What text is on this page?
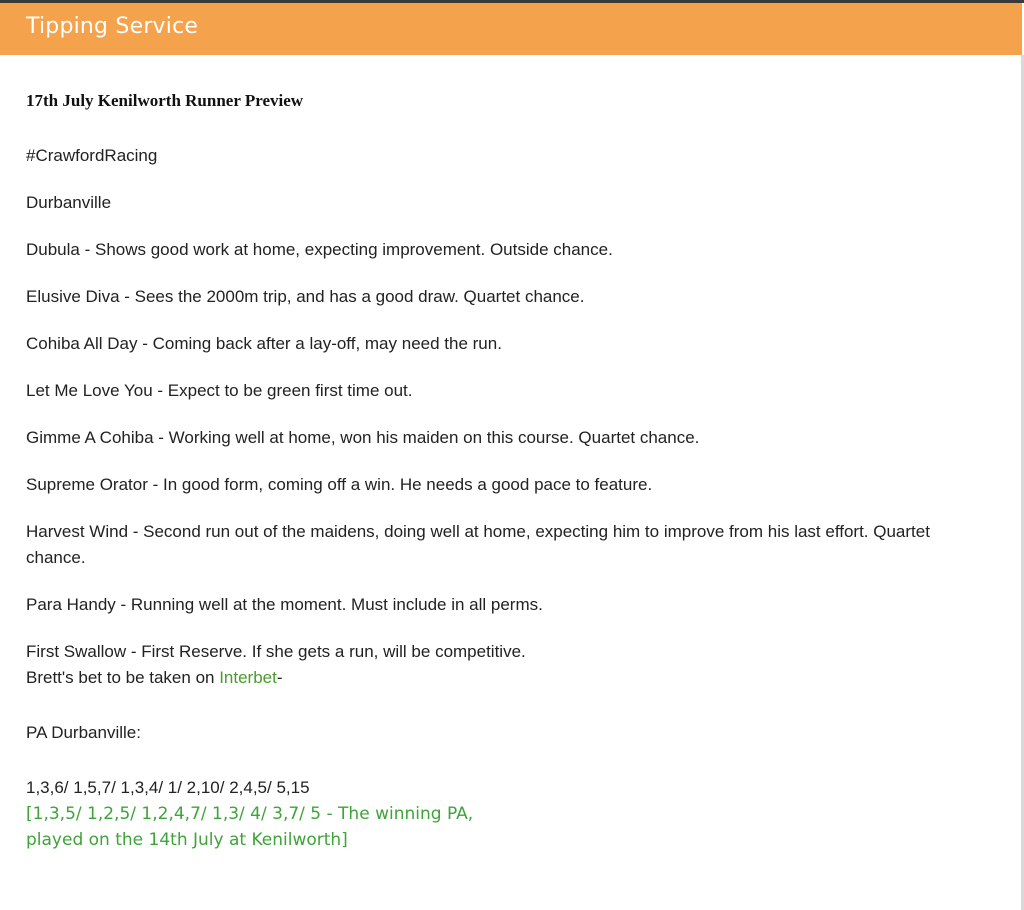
Tipping Service
17th July Kenilworth Runner Preview

#CrawfordRacing

Durbanville

Dubula - Shows good work at home, expecting improvement. Outside chance.

Elusive Diva - Sees the 2000m trip, and has a good draw. Quartet chance.

Cohiba All Day - Coming back after a lay-off, may need the run.

Let Me Love You - Expect to be green first time out.

Gimme A Cohiba - Working well at home, won his maiden on this course. Quartet chance.

Supreme Orator - In good form, coming off a win. He needs a good pace to feature.

Harvest Wind - Second run out of the maidens, doing well at home, expecting him to improve from his last effort. Quartet chance.

Para Handy - Running well at the moment. Must include in all perms.

First Swallow - First Reserve. If she gets a run, will be competitive.

Brett's bet to be taken on Interbet-

PA Durbanville:

1,3,6/ 1,5,7/ 1,3,4/ 1/ 2,10/ 2,4,5/ 5,15

[1,3,5/ 1,2,5/ 1,2,4,7/ 1,3/ 4/ 3,7/ 5 - The winning PA, played on the 14th July at Kenilworth]
